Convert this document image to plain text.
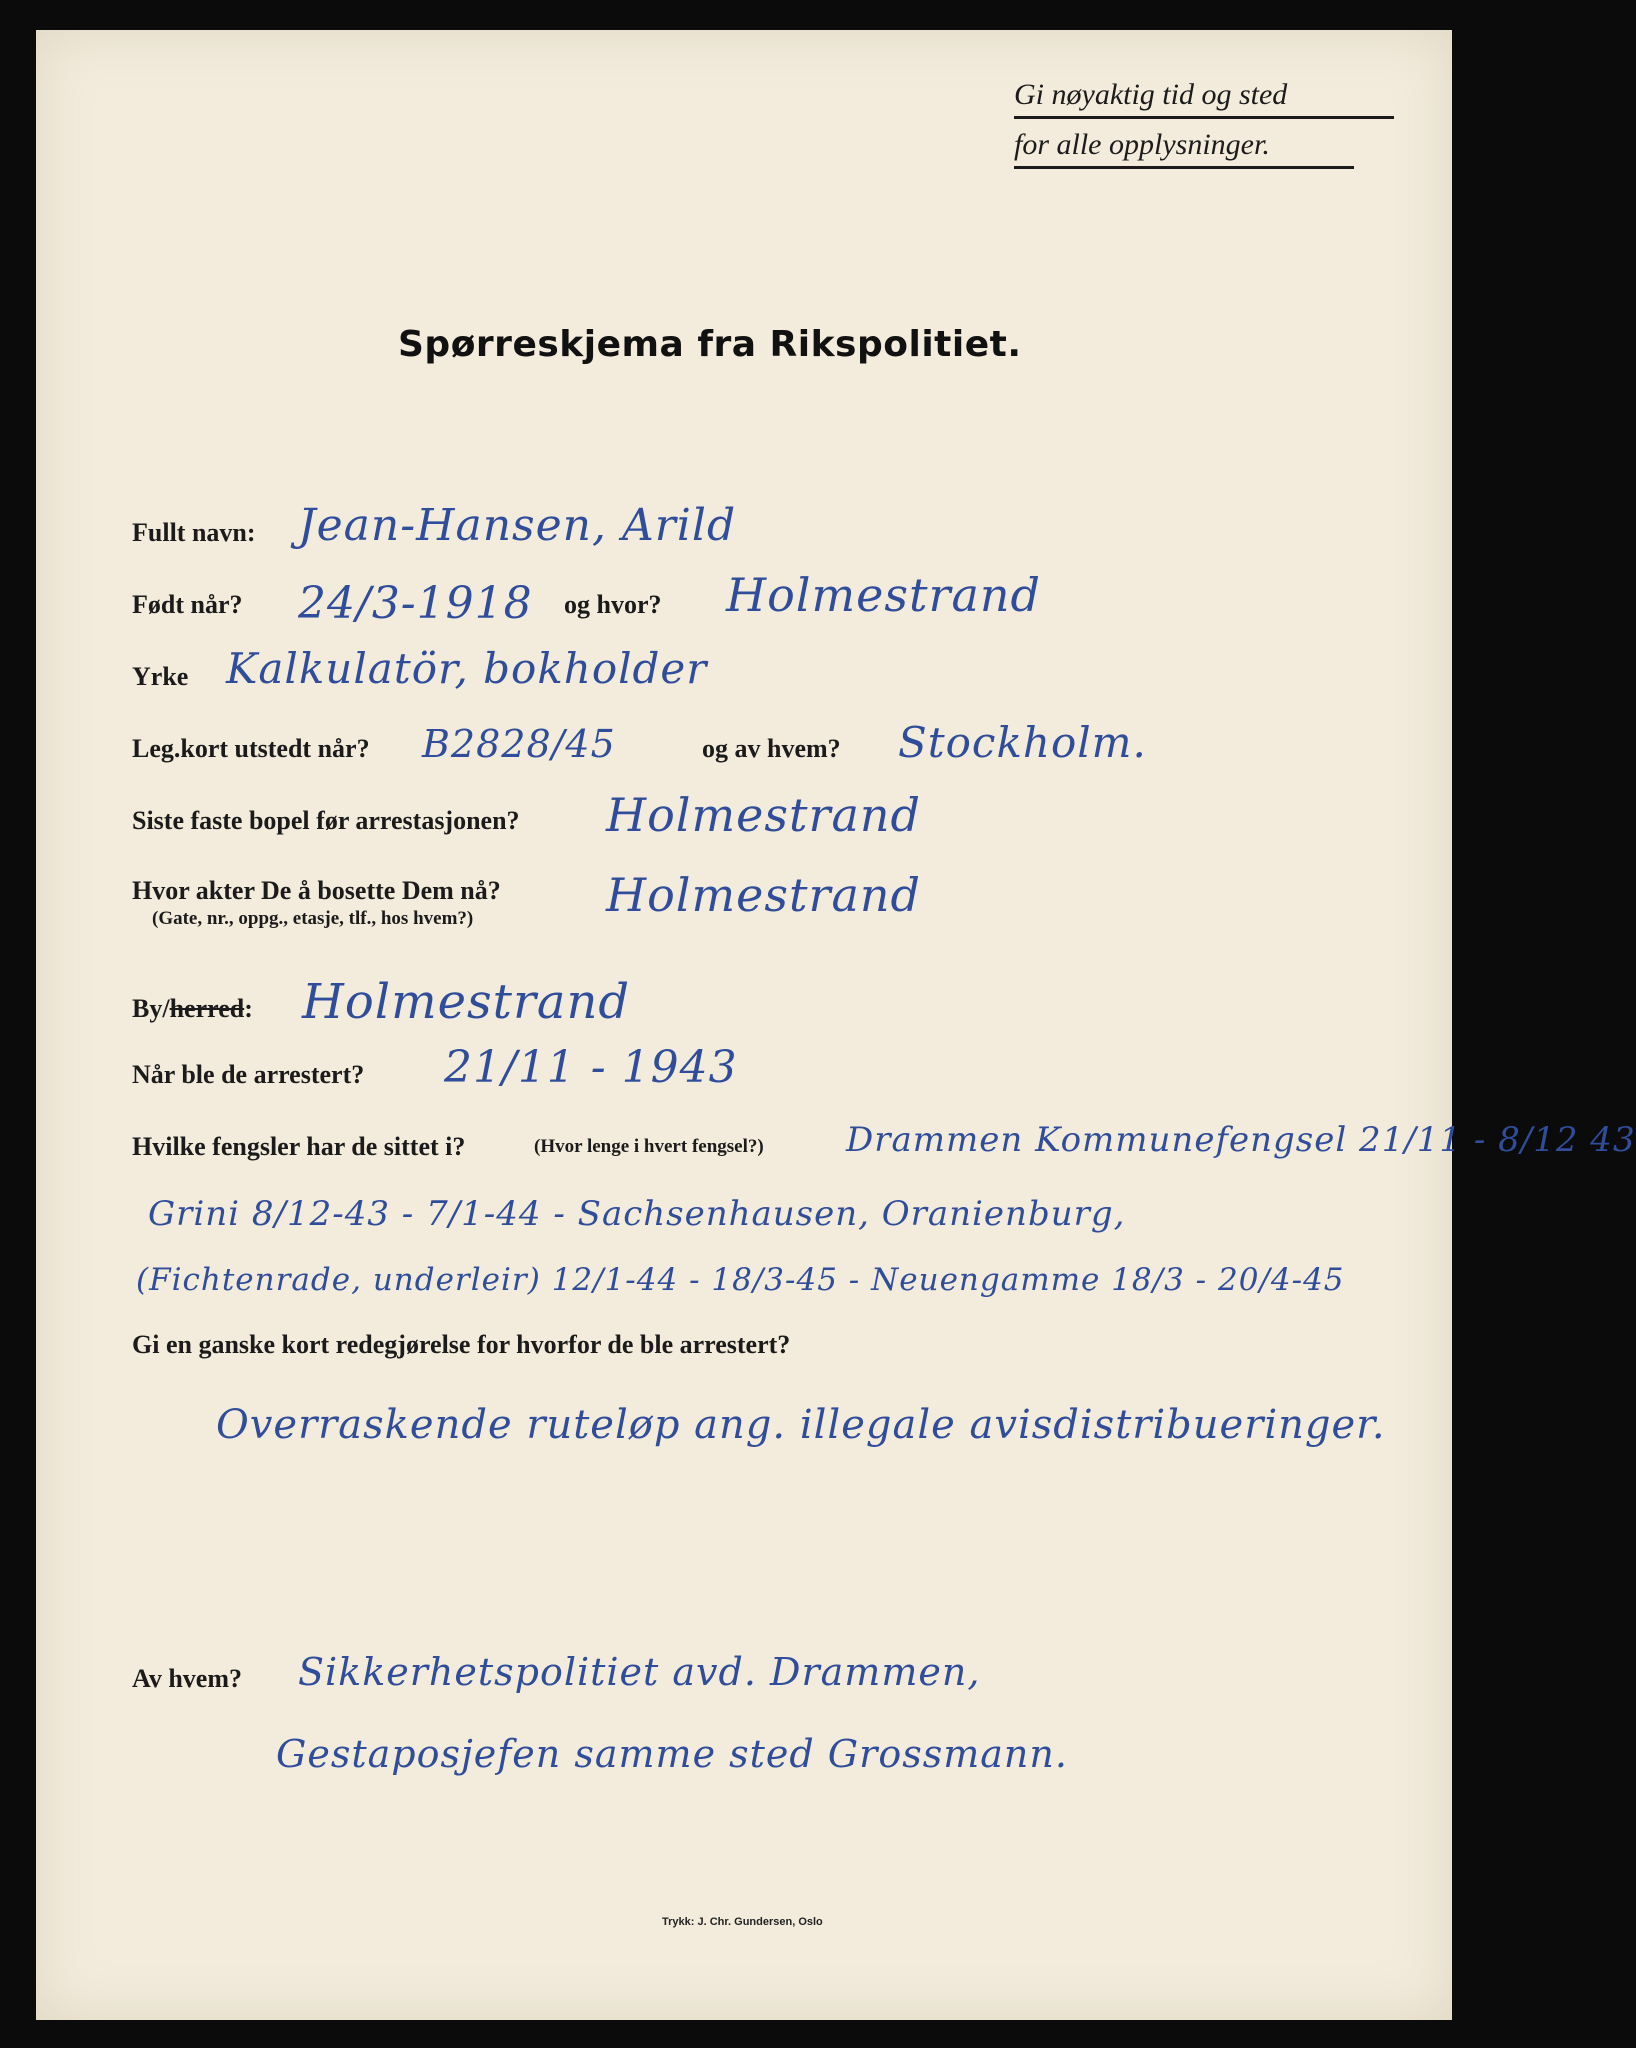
Gi nøyaktig tid og sted
for alle opplysninger.
Spørreskjema fra Rikspolitiet.
Fullt navn: Jean-Hansen, Arild
Født når? 24/3-1918 og hvor? Holmestrand
Yrke Kalkulatör, bokholder
Leg.kort utstedt når? B2828/45	og av hvem? Stockholm.
Siste faste bopel før arrestasjonen? Holmestrand
Hvor akter De å bosette Dem nå?
(Gate, nr., oppg., etasje, tlf., hos hvem?)	Holmestrand
By/herred: Holmestrand
Når ble de arrestert? 21/11 - 1943
Hvilke fengsler har de sittet i?	(Hvor lenge i hvert fengsel?) Drammen Kommunefengsel 21/11 - 8/12 43
Grini 8/12-43 - 7/1-44 - Sachsenhausen, Oranienburg,
(Fichtenrade, underleir) 12/1-44 - 18/3-45 - Neuengamme 18/3 - 20/4-45
Gi en ganske kort redegjørelse for hvorfor de ble arrestert?
Overraskende ruteløp ang. illegale avisdistribueringer.
Av hvem? Sikkerhetspolitiet avd. Drammen,
Gestaposjefen samme sted Grossmann.
Trykk: J. Chr. Gundersen, Oslo
